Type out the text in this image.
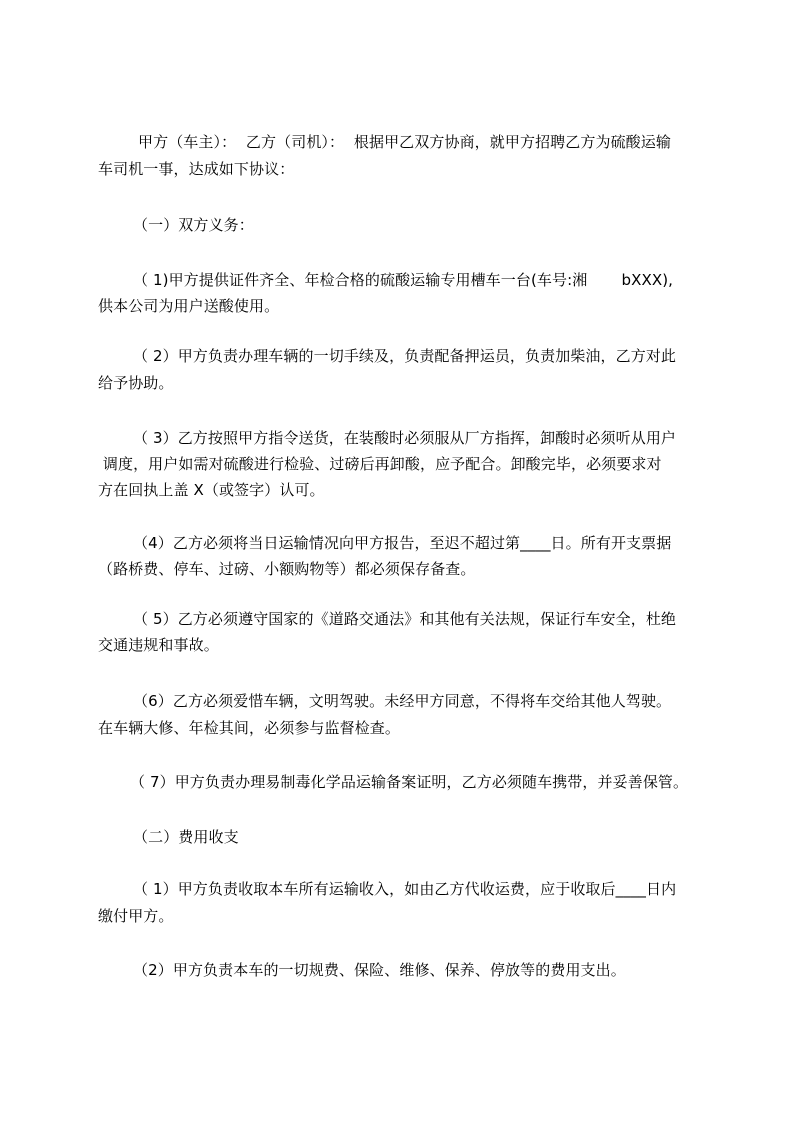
甲方（车主）：  乙方（司机）：  根据甲乙双方协商，就甲方招聘乙方为硫酸运输
车司机一事，达成如下协议：
（一）双方义务：
（ 1)甲方提供证件齐全、年检合格的硫酸运输专用槽车一台(车号:湘       bXXX),
供本公司为用户送酸使用。
（ 2）甲方负责办理车辆的一切手续及，负责配备押运员，负责加柴油，乙方对此
给予协助。
（ 3）乙方按照甲方指令送货，在装酸时必须服从厂方指挥，卸酸时必须听从用户
调度，用户如需对硫酸进行检验、过磅后再卸酸，应予配合。卸酸完毕，必须要求对
方在回执上盖 X（或签字）认可。
（4）乙方必须将当日运输情况向甲方报告，至迟不超过第____日。所有开支票据
（路桥费、停车、过磅、小额购物等）都必须保存备查。
（ 5）乙方必须遵守国家的《道路交通法》和其他有关法规，保证行车安全，杜绝
交通违规和事故。
（6）乙方必须爱惜车辆，文明驾驶。未经甲方同意，不得将车交给其他人驾驶。
在车辆大修、年检其间，必须参与监督检查。
（ 7）甲方负责办理易制毒化学品运输备案证明，乙方必须随车携带，并妥善保管。
（二）费用收支
（ 1）甲方负责收取本车所有运输收入，如由乙方代收运费，应于收取后____日内
缴付甲方。
（2）甲方负责本车的一切规费、保险、维修、保养、停放等的费用支出。
